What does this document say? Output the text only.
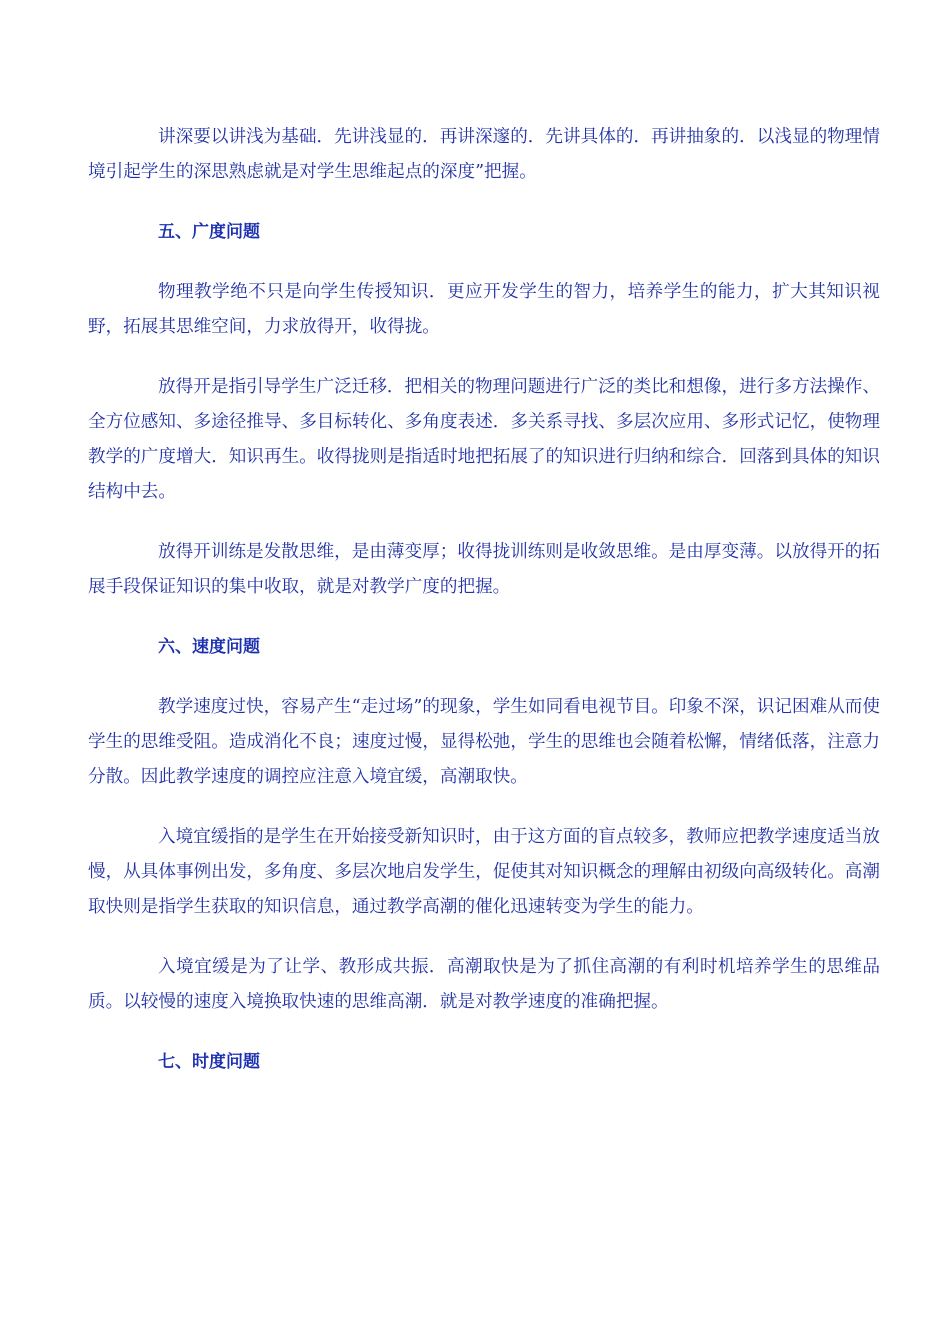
讲深要以讲浅为基础．先讲浅显的．再讲深邃的．先讲具体的．再讲抽象的．以浅显的物理情境引起学生的深思熟虑就是对学生思维起点的深度”把握。

五、广度问题

物理教学绝不只是向学生传授知识．更应开发学生的智力，培养学生的能力，扩大其知识视野，拓展其思维空间，力求放得开，收得拢。

放得开是指引导学生广泛迁移．把相关的物理问题进行广泛的类比和想像，进行多方法操作、全方位感知、多途径推导、多目标转化、多角度表述．多关系寻找、多层次应用、多形式记忆，使物理教学的广度增大．知识再生。收得拢则是指适时地把拓展了的知识进行归纳和综合．回落到具体的知识结构中去。

放得开训练是发散思维，是由薄变厚；收得拢训练则是收敛思维。是由厚变薄。以放得开的拓展手段保证知识的集中收取，就是对教学广度的把握。

六、速度问题

教学速度过快，容易产生“走过场”的现象，学生如同看电视节目。印象不深，识记困难从而使学生的思维受阻。造成消化不良；速度过慢，显得松弛，学生的思维也会随着松懈，情绪低落，注意力分散。因此教学速度的调控应注意入境宜缓，高潮取快。

入境宜缓指的是学生在开始接受新知识时，由于这方面的盲点较多，教师应把教学速度适当放慢，从具体事例出发，多角度、多层次地启发学生，促使其对知识概念的理解由初级向高级转化。高潮取快则是指学生获取的知识信息，通过教学高潮的催化迅速转变为学生的能力。

入境宜缓是为了让学、教形成共振．高潮取快是为了抓住高潮的有利时机培养学生的思维品质。以较慢的速度入境换取快速的思维高潮．就是对教学速度的准确把握。

七、时度问题
